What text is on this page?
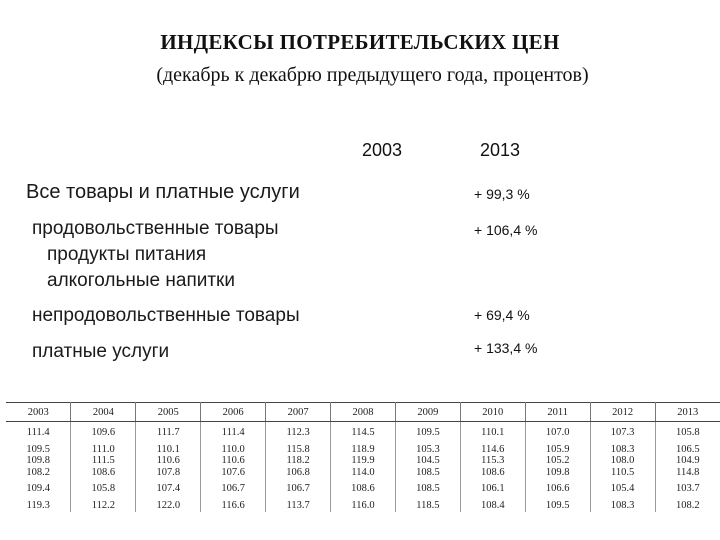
ИНДЕКСЫ ПОТРЕБИТЕЛЬСКИХ ЦЕН
(декабрь к декабрю предыдущего года, процентов)
2003	2013
Все товары и платные услуги	+ 99,3 %
продовольственные товары	+ 106,4 %
продукты питания
алкогольные напитки
непродовольственные товары	+ 69,4 %
платные услуги	+ 133,4 %
2003	2004	2005	2006	2007	2008	2009	2010	2011	2012	2013

111.4	109.6	111.7	111.4	112.3	114.5	109.5	110.1	107.0	107.3	105.8

109.5	111.0	110.1	110.0	115.8	118.9	105.3	114.6	105.9	108.3	106.5
109.8	111.5	110.6	110.6	118.2	119.9	104.5	115.3	105.2	108.0	104.9
108.2	108.6	107.8	107.6	106.8	114.0	108.5	108.6	109.8	110.5	114.8

109.4	105.8	107.4	106.7	106.7	108.6	108.5	106.1	106.6	105.4	103.7

119.3	112.2	122.0	116.6	113.7	116.0	118.5	108.4	109.5	108.3	108.2
